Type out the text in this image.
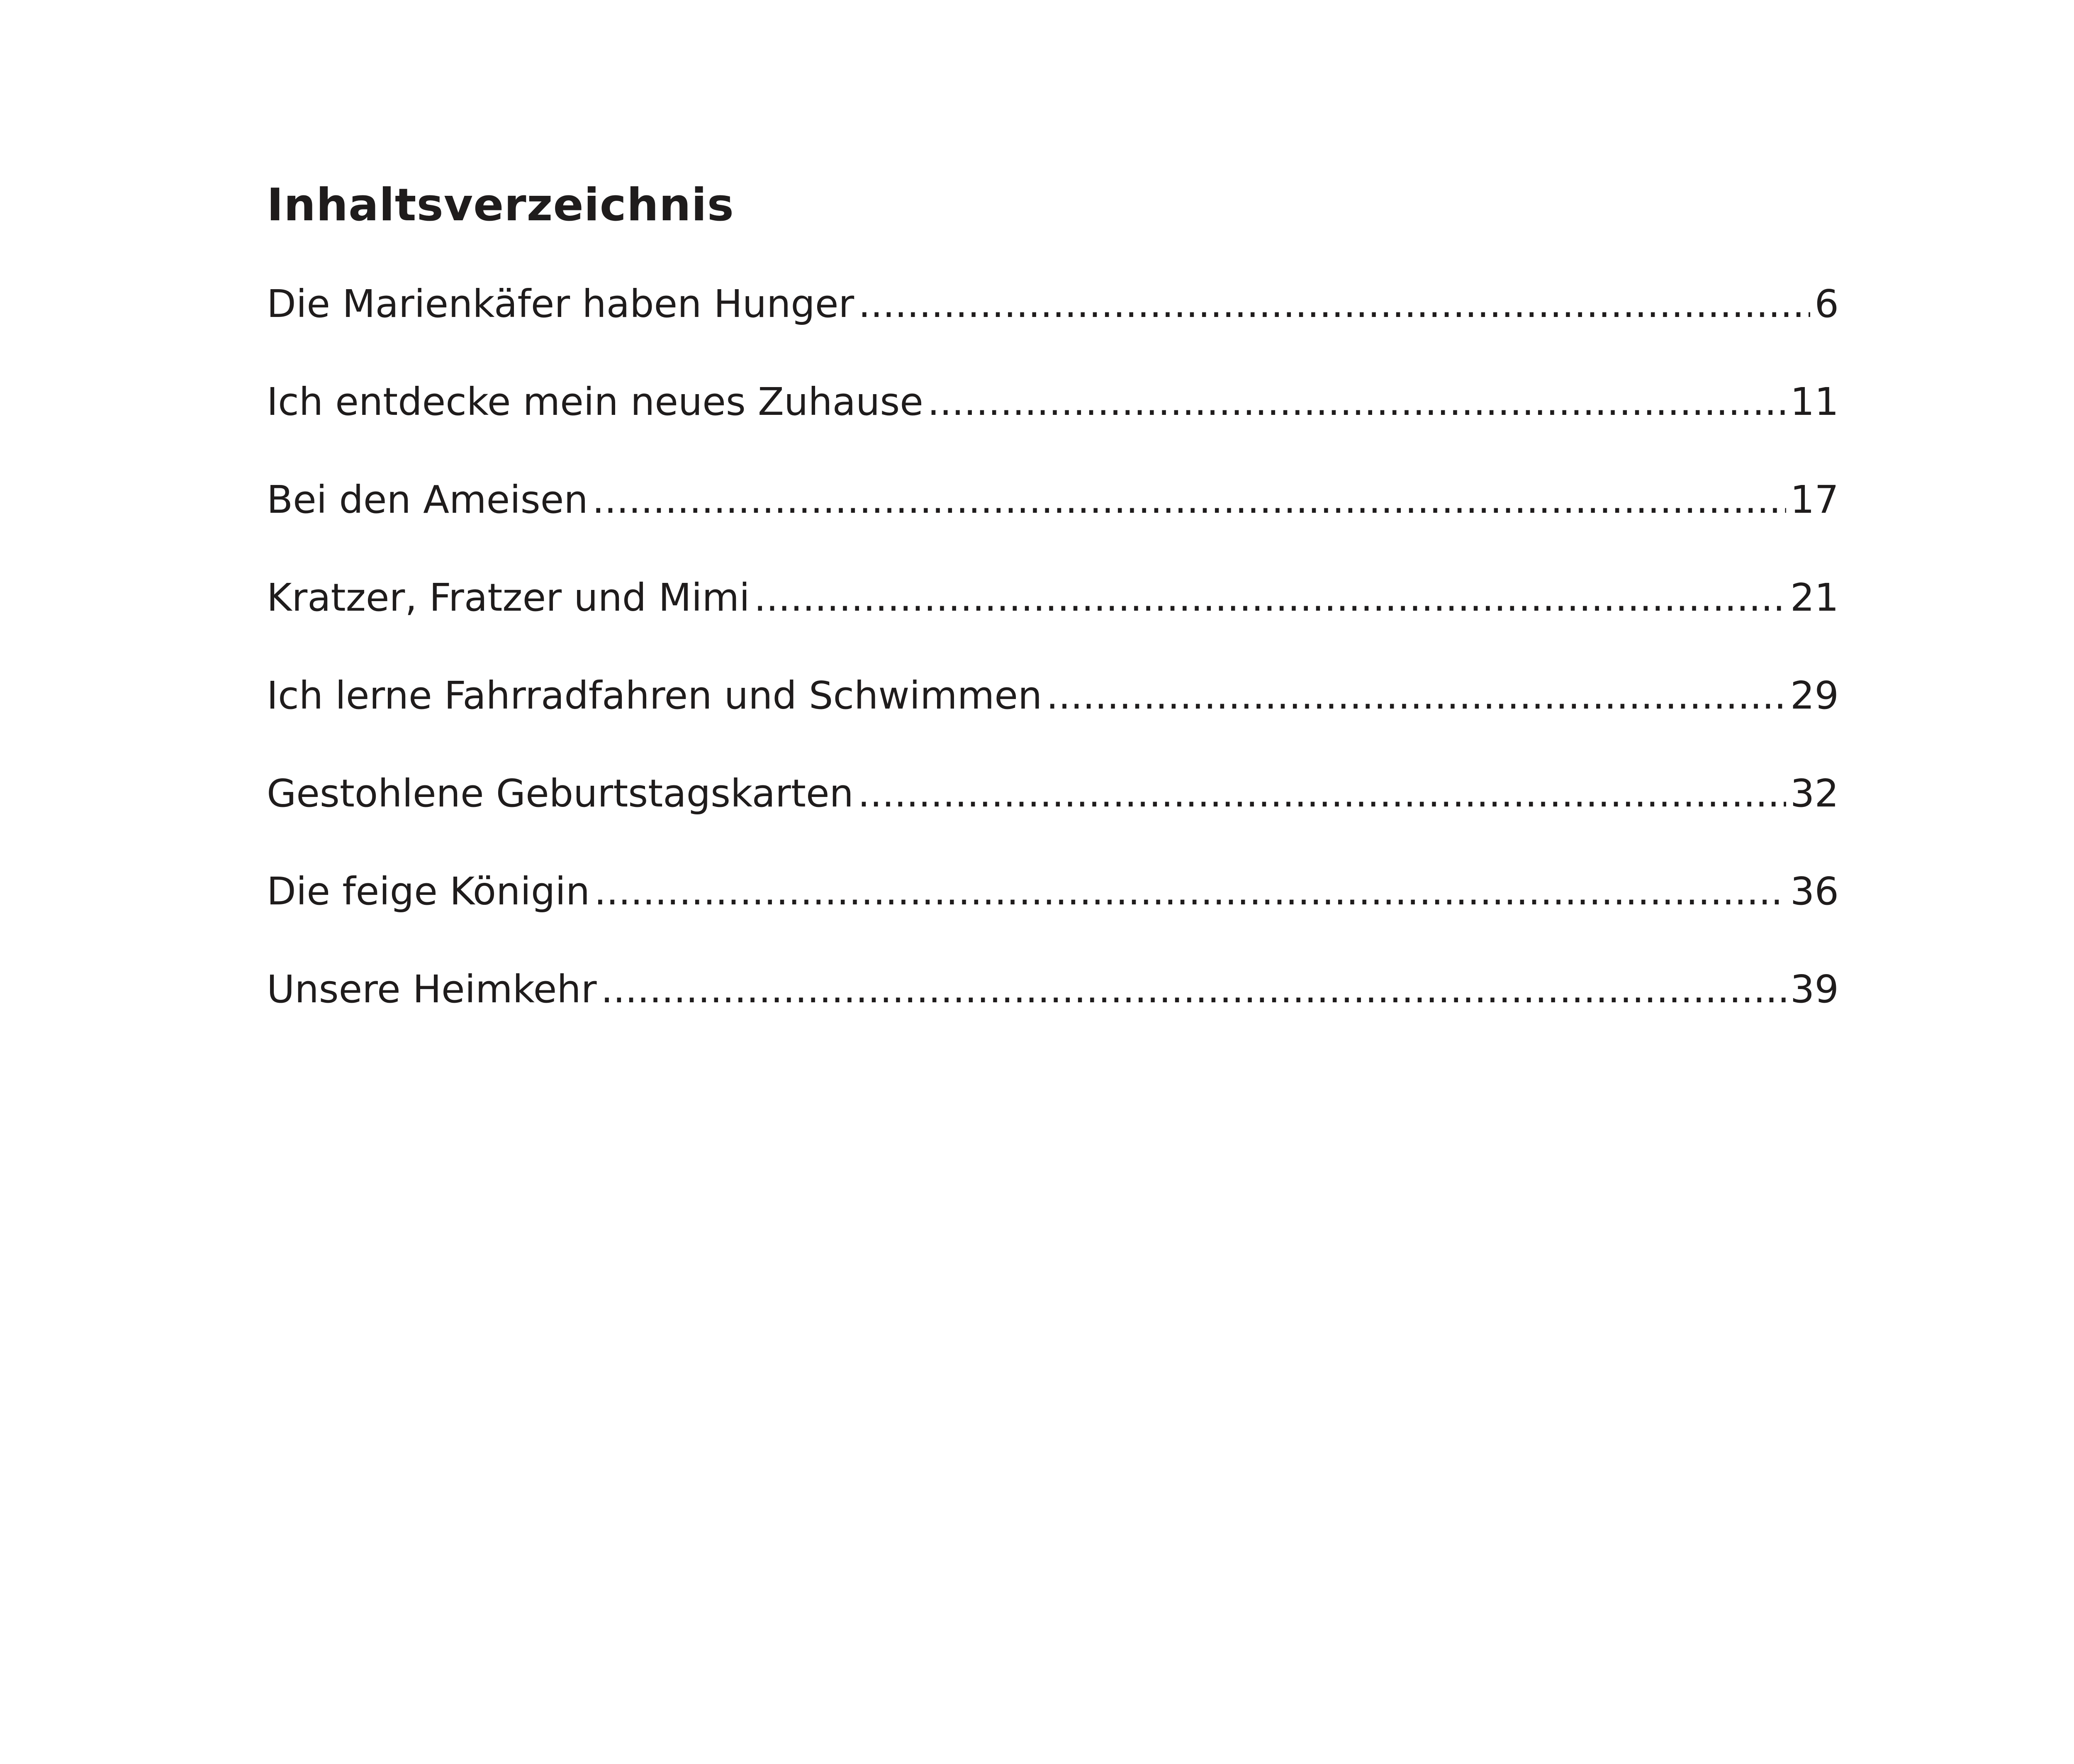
Inhaltsverzeichnis
Die Marienkäfer haben Hunger .....	6
Ich entdecke mein neues Zuhause .....	11
Bei den Ameisen .....	17
Kratzer, Fratzer und Mimi .....	21
Ich lerne Fahrradfahren und Schwimmen .....	29
Gestohlene Geburtstagskarten .....	32
Die feige Königin .....	36
Unsere Heimkehr .....	39
